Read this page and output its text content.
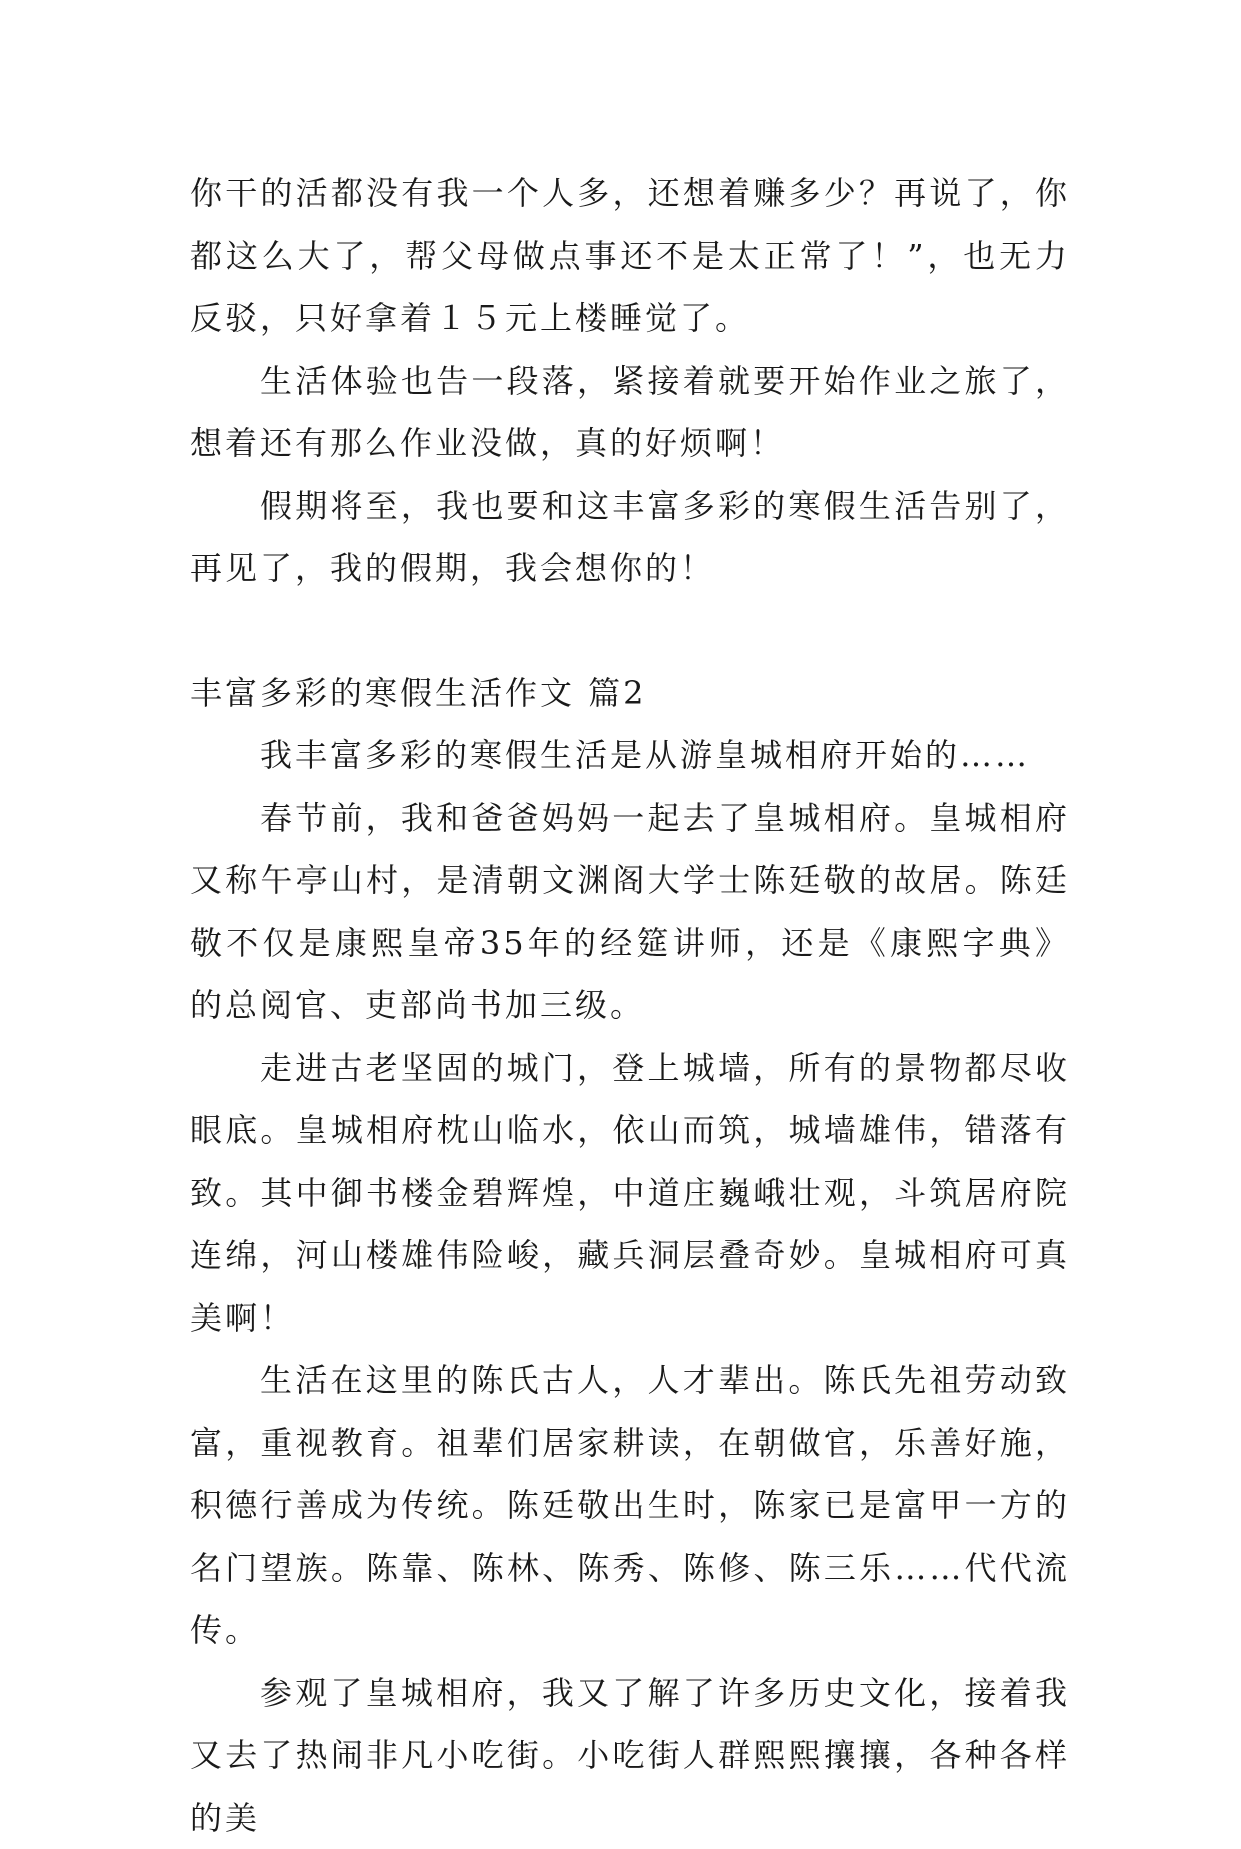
你干的活都没有我一个人多，还想着赚多少？再说了，你都这么大了，帮父母做点事还不是太正常了！”，也无力反驳，只好拿着１５元上楼睡觉了。

生活体验也告一段落，紧接着就要开始作业之旅了，想着还有那么作业没做，真的好烦啊！

假期将至，我也要和这丰富多彩的寒假生活告别了，再见了，我的假期，我会想你的！

丰富多彩的寒假生活作文 篇2

我丰富多彩的寒假生活是从游皇城相府开始的……

春节前，我和爸爸妈妈一起去了皇城相府。皇城相府又称午亭山村，是清朝文渊阁大学士陈廷敬的故居。陈廷敬不仅是康熙皇帝35年的经筵讲师，还是《康熙字典》的总阅官、吏部尚书加三级。

走进古老坚固的城门，登上城墙，所有的景物都尽收眼底。皇城相府枕山临水，依山而筑，城墙雄伟，错落有致。其中御书楼金碧辉煌，中道庄巍峨壮观，斗筑居府院连绵，河山楼雄伟险峻，藏兵洞层叠奇妙。皇城相府可真美啊！

生活在这里的陈氏古人，人才辈出。陈氏先祖劳动致富，重视教育。祖辈们居家耕读，在朝做官，乐善好施，积德行善成为传统。陈廷敬出生时，陈家已是富甲一方的名门望族。陈靠、陈林、陈秀、陈修、陈三乐……代代流传。

参观了皇城相府，我又了解了许多历史文化，接着我又去了热闹非凡小吃街。小吃街人群熙熙攘攘，各种各样的美
